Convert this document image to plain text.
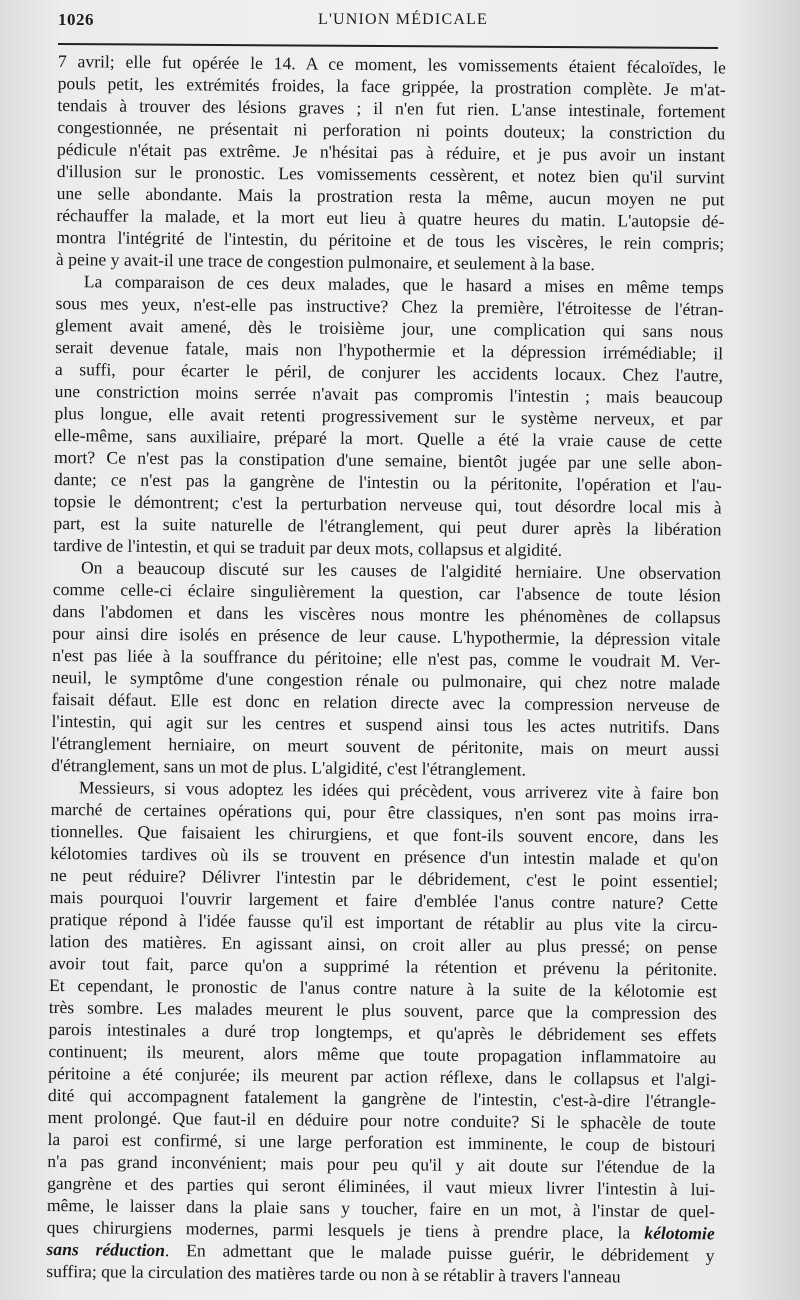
1026	L'UNION MÉDICALE

7 avril; elle fut opérée le 14. A ce moment, les vomissements étaient fécaloïdes, le
pouls petit, les extrémités froides, la face grippée, la prostration complète. Je m'at-
tendais à trouver des lésions graves ; il n'en fut rien. L'anse intestinale, fortement
congestionnée, ne présentait ni perforation ni points douteux; la constriction du
pédicule n'était pas extrême. Je n'hésitai pas à réduire, et je pus avoir un instant
d'illusion sur le pronostic. Les vomissements cessèrent, et notez bien qu'il survint
une selle abondante. Mais la prostration resta la même, aucun moyen ne put
réchauffer la malade, et la mort eut lieu à quatre heures du matin. L'autopsie dé-
montra l'intégrité de l'intestin, du péritoine et de tous les viscères, le rein compris;
à peine y avait-il une trace de congestion pulmonaire, et seulement à la base.

La comparaison de ces deux malades, que le hasard a mises en même temps
sous mes yeux, n'est-elle pas instructive? Chez la première, l'étroitesse de l'étran-
glement avait amené, dès le troisième jour, une complication qui sans nous
serait devenue fatale, mais non l'hypothermie et la dépression irrémédiable; il
a suffi, pour écarter le péril, de conjurer les accidents locaux. Chez l'autre,
une constriction moins serrée n'avait pas compromis l'intestin ; mais beaucoup
plus longue, elle avait retenti progressivement sur le système nerveux, et par
elle-même, sans auxiliaire, préparé la mort. Quelle a été la vraie cause de cette
mort? Ce n'est pas la constipation d'une semaine, bientôt jugée par une selle abon-
dante; ce n'est pas la gangrène de l'intestin ou la péritonite, l'opération et l'au-
topsie le démontrent; c'est la perturbation nerveuse qui, tout désordre local mis à
part, est la suite naturelle de l'étranglement, qui peut durer après la libération
tardive de l'intestin, et qui se traduit par deux mots, collapsus et algidité.

On a beaucoup discuté sur les causes de l'algidité herniaire. Une observation
comme celle-ci éclaire singulièrement la question, car l'absence de toute lésion
dans l'abdomen et dans les viscères nous montre les phénomènes de collapsus
pour ainsi dire isolés en présence de leur cause. L'hypothermie, la dépression vitale
n'est pas liée à la souffrance du péritoine; elle n'est pas, comme le voudrait M. Ver-
neuil, le symptôme d'une congestion rénale ou pulmonaire, qui chez notre malade
faisait défaut. Elle est donc en relation directe avec la compression nerveuse de
l'intestin, qui agit sur les centres et suspend ainsi tous les actes nutritifs. Dans
l'étranglement herniaire, on meurt souvent de péritonite, mais on meurt aussi
d'étranglement, sans un mot de plus. L'algidité, c'est l'étranglement.

Messieurs, si vous adoptez les idées qui précèdent, vous arriverez vite à faire bon
marché de certaines opérations qui, pour être classiques, n'en sont pas moins irra-
tionnelles. Que faisaient les chirurgiens, et que font-ils souvent encore, dans les
kélotomies tardives où ils se trouvent en présence d'un intestin malade et qu'on
ne peut réduire? Délivrer l'intestin par le débridement, c'est le point essentiel;
mais pourquoi l'ouvrir largement et faire d'emblée l'anus contre nature? Cette
pratique répond à l'idée fausse qu'il est important de rétablir au plus vite la circu-
lation des matières. En agissant ainsi, on croit aller au plus pressé; on pense
avoir tout fait, parce qu'on a supprimé la rétention et prévenu la péritonite.
Et cependant, le pronostic de l'anus contre nature à la suite de la kélotomie est
très sombre. Les malades meurent le plus souvent, parce que la compression des
parois intestinales a duré trop longtemps, et qu'après le débridement ses effets
continuent; ils meurent, alors même que toute propagation inflammatoire au
péritoine a été conjurée; ils meurent par action réflexe, dans le collapsus et l'algi-
dité qui accompagnent fatalement la gangrène de l'intestin, c'est-à-dire l'étrangle-
ment prolongé. Que faut-il en déduire pour notre conduite? Si le sphacèle de toute
la paroi est confirmé, si une large perforation est imminente, le coup de bistouri
n'a pas grand inconvénient; mais pour peu qu'il y ait doute sur l'étendue de la
gangrène et des parties qui seront éliminées, il vaut mieux livrer l'intestin à lui-
même, le laisser dans la plaie sans y toucher, faire en un mot, à l'instar de quel-
ques chirurgiens modernes, parmi lesquels je tiens à prendre place, la kélotomie
sans réduction. En admettant que le malade puisse guérir, le débridement y
suffira; que la circulation des matières tarde ou non à se rétablir à travers l'anneau
